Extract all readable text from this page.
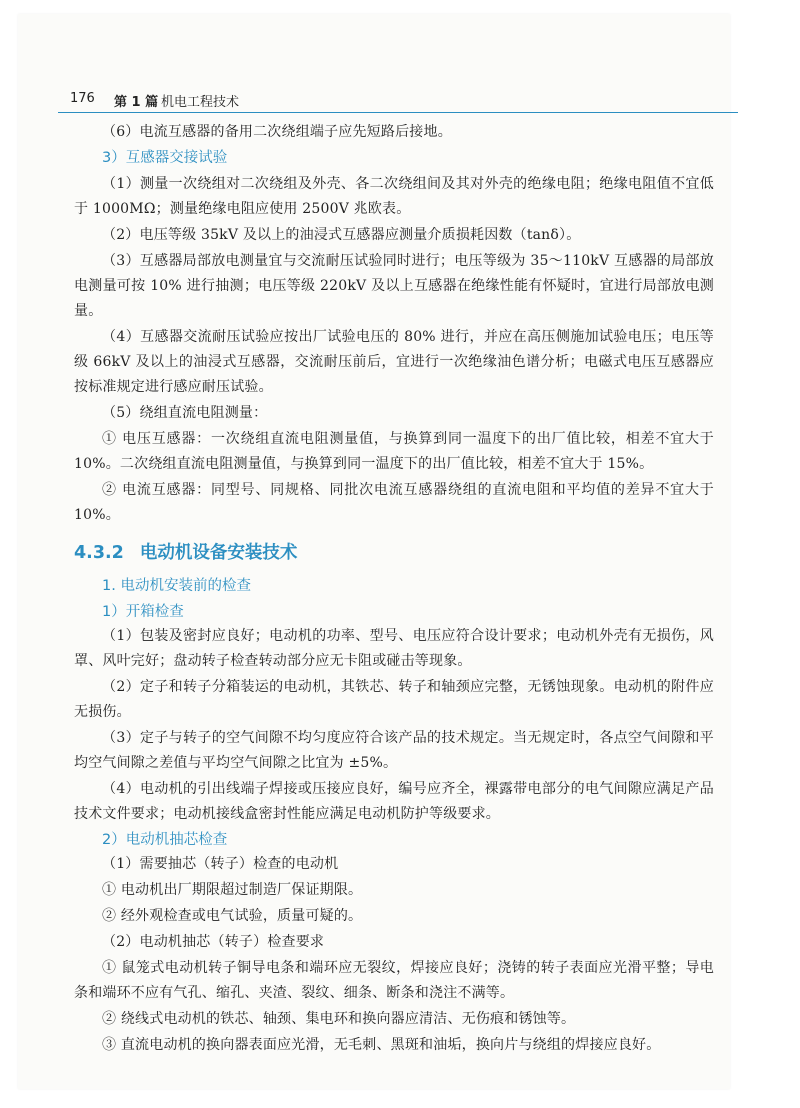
176 第 1 篇 机电工程技术

（6）电流互感器的备用二次绕组端子应先短路后接地。

3）互感器交接试验

（1）测量一次绕组对二次绕组及外壳、各二次绕组间及其对外壳的绝缘电阻；绝缘电阻值不宜低于 1000MΩ；测量绝缘电阻应使用 2500V 兆欧表。

（2）电压等级 35kV 及以上的油浸式互感器应测量介质损耗因数（tanδ）。

（3）互感器局部放电测量宜与交流耐压试验同时进行；电压等级为 35～110kV 互感器的局部放电测量可按 10% 进行抽测；电压等级 220kV 及以上互感器在绝缘性能有怀疑时，宜进行局部放电测量。

（4）互感器交流耐压试验应按出厂试验电压的 80% 进行，并应在高压侧施加试验电压；电压等级 66kV 及以上的油浸式互感器，交流耐压前后，宜进行一次绝缘油色谱分析；电磁式电压互感器应按标准规定进行感应耐压试验。

（5）绕组直流电阻测量：

① 电压互感器：一次绕组直流电阻测量值，与换算到同一温度下的出厂值比较，相差不宜大于 10%。二次绕组直流电阻测量值，与换算到同一温度下的出厂值比较，相差不宜大于 15%。

② 电流互感器：同型号、同规格、同批次电流互感器绕组的直流电阻和平均值的差异不宜大于 10%。

4.3.2 电动机设备安装技术
1. 电动机安装前的检查
1）开箱检查

（1）包装及密封应良好；电动机的功率、型号、电压应符合设计要求；电动机外壳有无损伤，风罩、风叶完好；盘动转子检查转动部分应无卡阻或碰击等现象。

（2）定子和转子分箱装运的电动机，其铁芯、转子和轴颈应完整，无锈蚀现象。电动机的附件应无损伤。

（3）定子与转子的空气间隙不均匀度应符合该产品的技术规定。当无规定时，各点空气间隙和平均空气间隙之差值与平均空气间隙之比宜为 ±5%。

（4）电动机的引出线端子焊接或压接应良好，编号应齐全，裸露带电部分的电气间隙应满足产品技术文件要求；电动机接线盒密封性能应满足电动机防护等级要求。

2）电动机抽芯检查

（1）需要抽芯（转子）检查的电动机

① 电动机出厂期限超过制造厂保证期限。

② 经外观检查或电气试验，质量可疑的。

（2）电动机抽芯（转子）检查要求

① 鼠笼式电动机转子铜导电条和端环应无裂纹，焊接应良好；浇铸的转子表面应光滑平整；导电条和端环不应有气孔、缩孔、夹渣、裂纹、细条、断条和浇注不满等。

② 绕线式电动机的铁芯、轴颈、集电环和换向器应清洁、无伤痕和锈蚀等。

③ 直流电动机的换向器表面应光滑，无毛刺、黑斑和油垢，换向片与绕组的焊接应良好。
